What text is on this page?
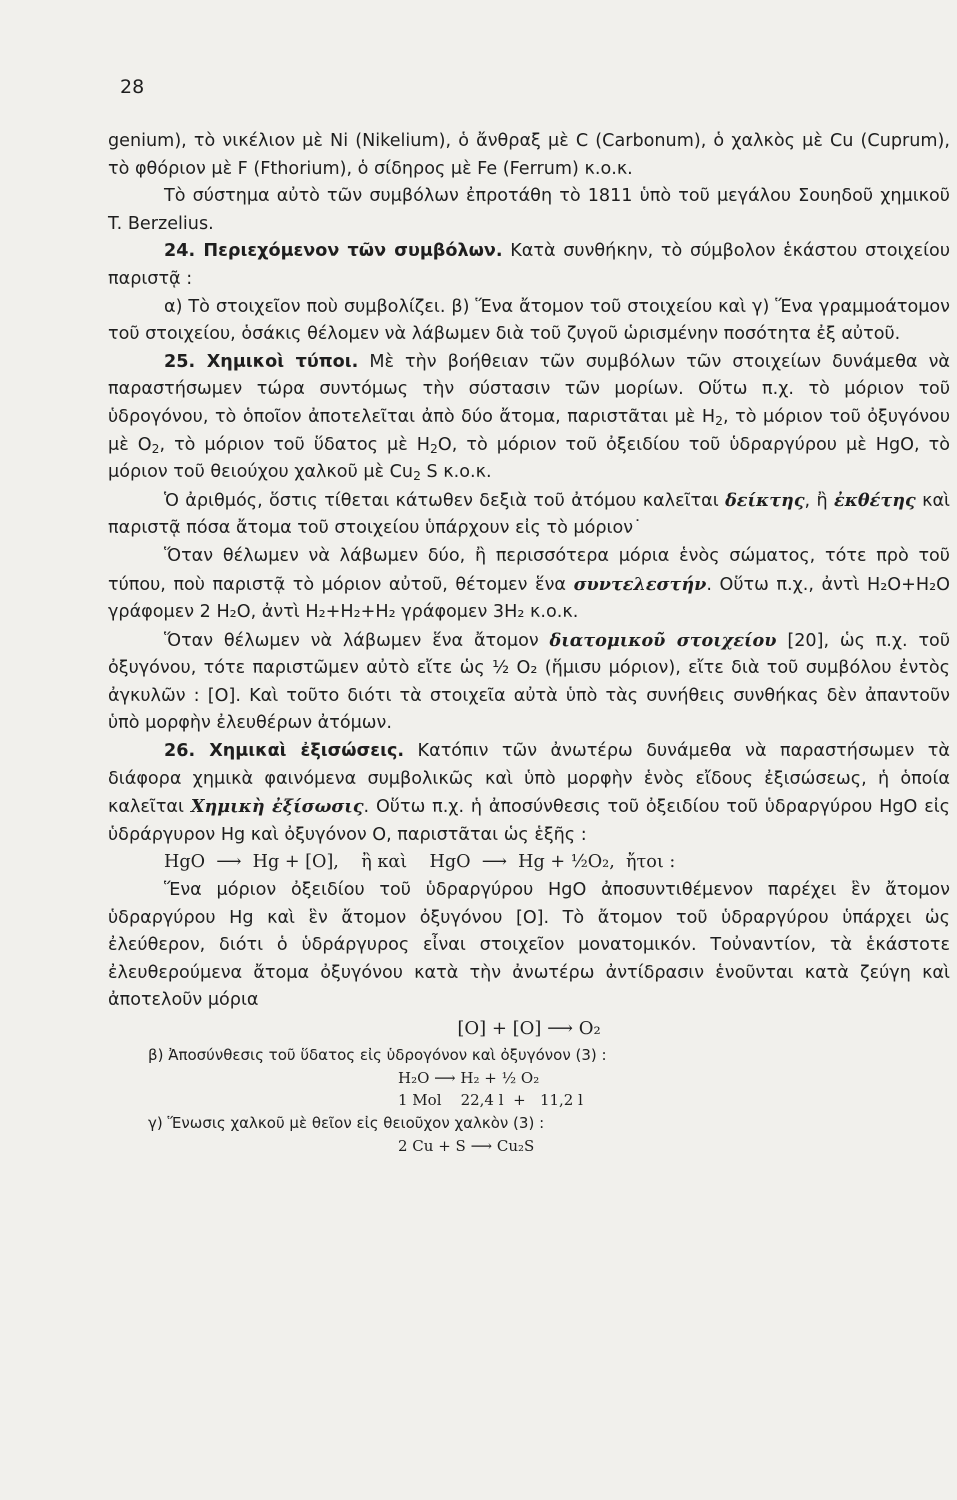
28

genium), τὸ νικέλιον μὲ Ni (Nikelium), ὁ ἄνθραξ μὲ C (Carbonum), ὁ χαλκὸς μὲ Cu (Cuprum), τὸ φθόριον μὲ F (Fthorium), ὁ σίδηρος μὲ Fe (Ferrum) κ.ο.κ.

Τὸ σύστημα αὐτὸ τῶν συμβόλων ἐπροτάθη τὸ 1811 ὑπὸ τοῦ μεγάλου Σουηδοῦ χημικοῦ T. Berzelius.

24. Περιεχόμενον τῶν συμβόλων. Κατὰ συνθήκην, τὸ σύμβολον ἑκάστου στοιχείου παριστᾷ :

α) Τὸ στοιχεῖον ποὺ συμβολίζει. β) Ἕνα ἄτομον τοῦ στοιχείου καὶ γ) Ἕνα γραμμοάτομον τοῦ στοιχείου, ὁσάκις θέλομεν νὰ λάβωμεν διὰ τοῦ ζυγοῦ ὡρισμένην ποσότητα ἐξ αὐτοῦ.

25. Χημικοὶ τύποι. Μὲ τὴν βοήθειαν τῶν συμβόλων τῶν στοιχείων δυνάμεθα νὰ παραστήσωμεν τώρα συντόμως τὴν σύστασιν τῶν μορίων. Οὕτω π.χ. τὸ μόριον τοῦ ὑδρογόνου, τὸ ὁποῖον ἀποτελεῖται ἀπὸ δύο ἄτομα, παριστᾶται μὲ $H_2$, τὸ μόριον τοῦ ὀξυγόνου μὲ $O_2$, τὸ μόριον τοῦ ὕδατος μὲ $H_2O$, τὸ μόριον τοῦ ὀξειδίου τοῦ ὑδραργύρου μὲ HgO, τὸ μόριον τοῦ θειούχου χαλκοῦ μὲ $Cu_2$ S κ.ο.κ.

Ὁ ἀριθμός, ὅστις τίθεται κάτωθεν δεξιὰ τοῦ ἀτόμου καλεῖται δείκτης, ἢ ἐκθέτης καὶ παριστᾷ πόσα ἄτομα τοῦ στοιχείου ὑπάρχουν εἰς τὸ μόριον˙

Ὅταν θέλωμεν νὰ λάβωμεν δύο, ἢ περισσότερα μόρια ἑνὸς σώματος, τότε πρὸ τοῦ τύπου, ποὺ παριστᾷ τὸ μόριον αὐτοῦ, θέτομεν ἕνα συντελεστήν. Οὕτω π.χ., ἀντὶ H₂O+H₂O γράφομεν 2 H₂O, ἀντὶ H₂+H₂+H₂ γράφομεν 3H₂ κ.ο.κ.

Ὅταν θέλωμεν νὰ λάβωμεν ἕνα ἄτομον διατομικοῦ στοιχείου [20], ὡς π.χ. τοῦ ὀξυγόνου, τότε παριστῶμεν αὐτὸ εἴτε ὡς ½ O₂ (ἥμισυ μόριον), εἴτε διὰ τοῦ συμβόλου ἐντὸς ἀγκυλῶν : [O]. Καὶ τοῦτο διότι τὰ στοιχεῖα αὐτὰ ὑπὸ τὰς συνήθεις συνθήκας δὲν ἀπαντοῦν ὑπὸ μορφὴν ἐλευθέρων ἀτόμων.

26. Χημικαὶ ἐξισώσεις. Κατόπιν τῶν ἀνωτέρω δυνάμεθα νὰ παραστήσωμεν τὰ διάφορα χημικὰ φαινόμενα συμβολικῶς καὶ ὑπὸ μορφὴν ἑνὸς εἴδους ἐξισώσεως, ἡ ὁποία καλεῖται Χημικὴ ἐξίσωσις. Οὕτω π.χ. ἡ ἀποσύνθεσις τοῦ ὀξειδίου τοῦ ὑδραργύρου HgO εἰς ὑδράργυρον Hg καὶ ὀξυγόνον O, παριστᾶται ὡς ἑξῆς :

HgO  ⟶  Hg + [O],    ἢ καὶ    HgO  ⟶  Hg + ½O₂,  ἤτοι :

Ἕνα μόριον ὀξειδίου τοῦ ὑδραργύρου HgO ἀποσυντιθέμενον παρέχει ἓν ἄτομον ὑδραργύρου Hg καὶ ἓν ἄτομον ὀξυγόνου [O]. Τὸ ἄτομον τοῦ ὑδραργύρου ὑπάρχει ὡς ἐλεύθερον, διότι ὁ ὑδράργυρος εἶναι στοιχεῖον μονατομικόν. Τοὐναντίον, τὰ ἑκάστοτε ἐλευθερούμενα ἄτομα ὀξυγόνου κατὰ τὴν ἀνωτέρω ἀντίδρασιν ἑνοῦνται κατὰ ζεύγη καὶ ἀποτελοῦν μόρια

[O] + [O] ⟶ O₂

β) Ἀποσύνθεσις τοῦ ὕδατος εἰς ὑδρογόνον καὶ ὀξυγόνον (3) :

H₂O ⟶ H₂ + ½ O₂

1 Mol    22,4 l  +   11,2 l

γ) Ἕνωσις χαλκοῦ μὲ θεῖον εἰς θειοῦχον χαλκὸν (3) :

2 Cu + S ⟶ Cu₂S
